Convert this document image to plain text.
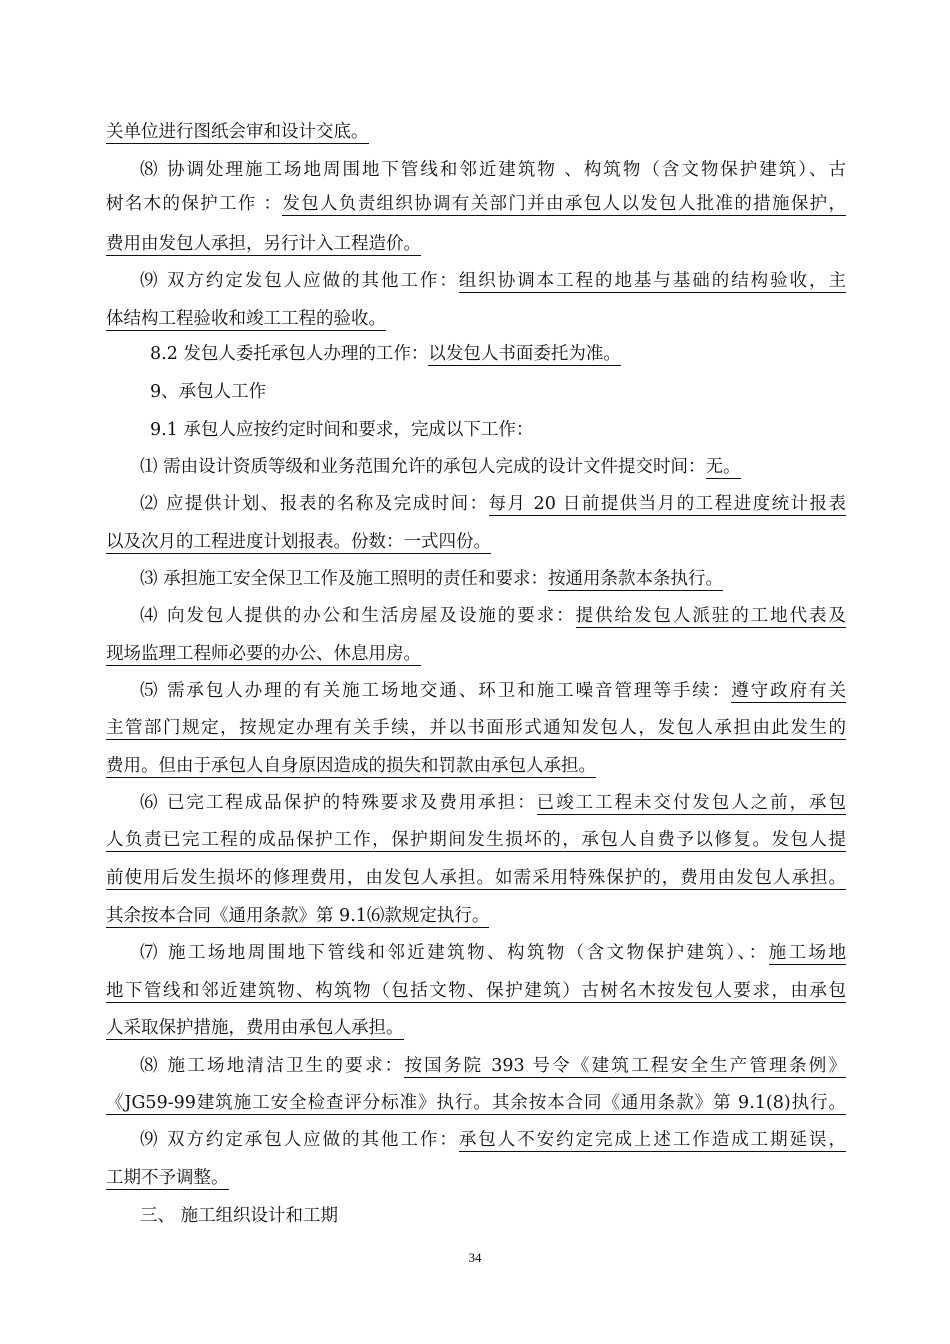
关单位进行图纸会审和设计交底。
⑻ 协调处理施工场地周围地下管线和邻近建筑物 、构筑物（含文物保护建筑）、古
树名木的保护工作 ：发包人负责组织协调有关部门并由承包人以发包人批准的措施保护，
费用由发包人承担，另行计入工程造价。
⑼ 双方约定发包人应做的其他工作：组织协调本工程的地基与基础的结构验收，主
体结构工程验收和竣工工程的验收。
8.2 发包人委托承包人办理的工作：以发包人书面委托为准。
9、承包人工作
9.1 承包人应按约定时间和要求，完成以下工作：
⑴ 需由设计资质等级和业务范围允许的承包人完成的设计文件提交时间：无。
⑵ 应提供计划、报表的名称及完成时间：每月 20 日前提供当月的工程进度统计报表
以及次月的工程进度计划报表。份数：一式四份。
⑶ 承担施工安全保卫工作及施工照明的责任和要求：按通用条款本条执行。
⑷ 向发包人提供的办公和生活房屋及设施的要求：提供给发包人派驻的工地代表及
现场监理工程师必要的办公、休息用房。
⑸ 需承包人办理的有关施工场地交通、环卫和施工噪音管理等手续：遵守政府有关
主管部门规定，按规定办理有关手续，并以书面形式通知发包人，发包人承担由此发生的
费用。但由于承包人自身原因造成的损失和罚款由承包人承担。
⑹ 已完工程成品保护的特殊要求及费用承担：已竣工工程未交付发包人之前，承包
人负责已完工程的成品保护工作，保护期间发生损坏的，承包人自费予以修复。发包人提
前使用后发生损坏的修理费用，由发包人承担。如需采用特殊保护的，费用由发包人承担。
其余按本合同《通用条款》第 9.1⑹款规定执行。
⑺ 施工场地周围地下管线和邻近建筑物、构筑物（含文物保护建筑）、：施工场地
地下管线和邻近建筑物、构筑物（包括文物、保护建筑）古树名木按发包人要求，由承包
人采取保护措施，费用由承包人承担。
⑻ 施工场地清洁卫生的要求：按国务院 393 号令《建筑工程安全生产管理条例》
《JG59-99建筑施工安全检查评分标准》执行。其余按本合同《通用条款》第 9.1(8)执行。
⑼ 双方约定承包人应做的其他工作：承包人不安约定完成上述工作造成工期延误，
工期不予调整。
三、 施工组织设计和工期
34
